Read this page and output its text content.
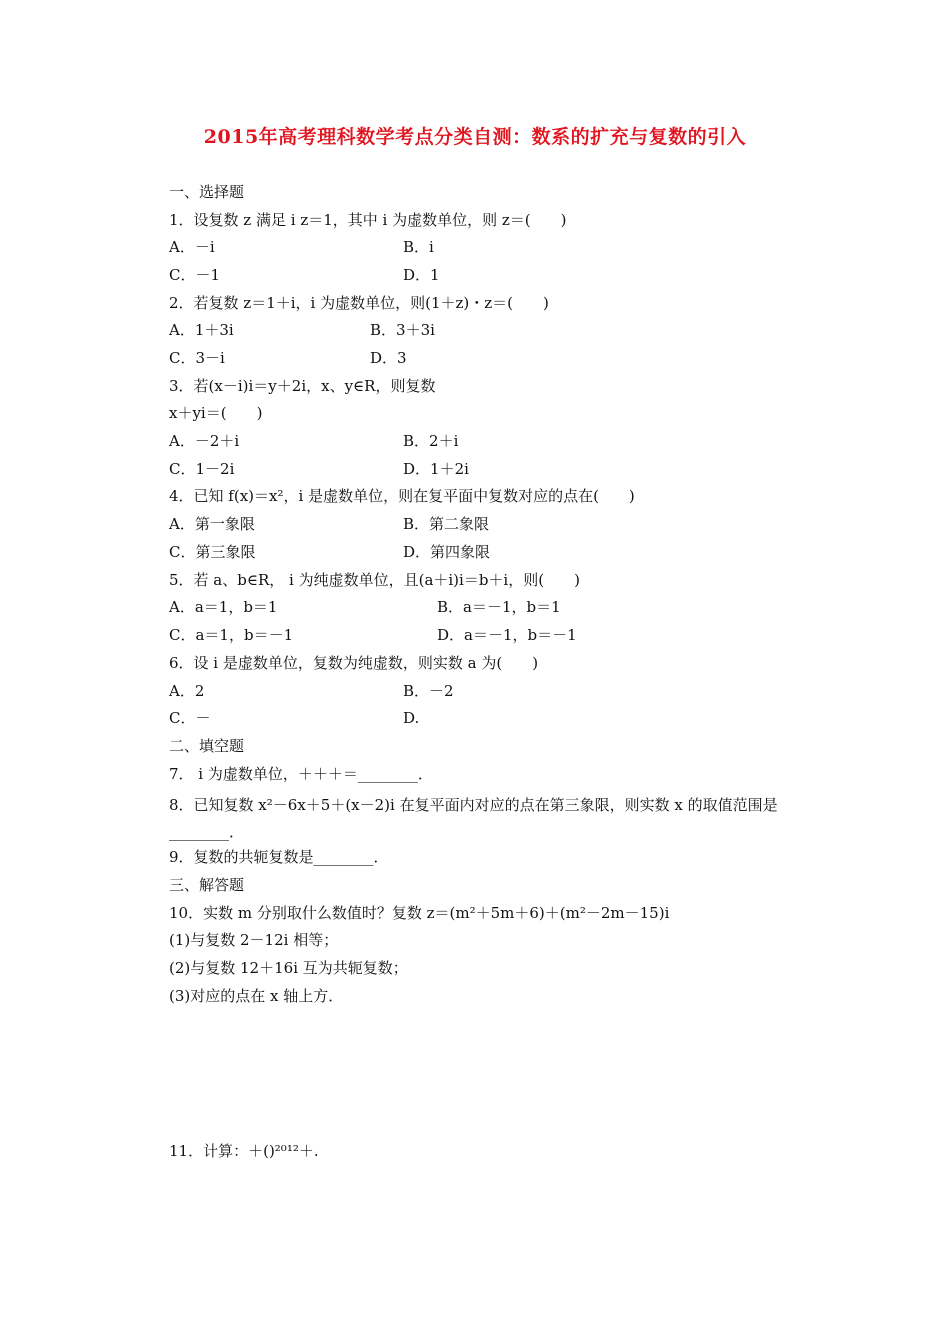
2015年高考理科数学考点分类自测：数系的扩充与复数的引入
一、选择题
1．设复数 z 满足 i z＝1，其中 i 为虚数单位，则 z＝(　　)
A．－i	B．i
C．－1	D．1
2．若复数 z＝1＋i，i 为虚数单位，则(1＋z)・z＝(　　)
A．1＋3i	B．3＋3i
C．3－i	D．3
3．若(x－i)i＝y＋2i，x、y∈R，则复数
x＋yi＝(　　)
A．－2＋i	B．2＋i
C．1－2i	D．1＋2i
4．已知 f(x)＝x²，i 是虚数单位，则在复平面中复数对应的点在(　　)
A．第一象限	B．第二象限
C．第三象限	D．第四象限
5．若 a、b∈R， i 为纯虚数单位，且(a＋i)i＝b＋i，则(　　)
A．a＝1，b＝1	B．a＝－1，b＝1
C．a＝1，b＝－1	D．a＝－1，b＝－1
6．设 i 是虚数单位，复数为纯虚数，则实数 a 为(　　)
A．2	B．－2
C．－	D.
二、填空题
7． i 为虚数单位，＋＋＋＝________．
8．已知复数 x²－6x＋5＋(x－2)i 在复平面内对应的点在第三象限，则实数 x 的取值范围是________．
9．复数的共轭复数是________．
三、解答题
10．实数 m 分别取什么数值时？复数 z＝(m²＋5m＋6)＋(m²－2m－15)i
(1)与复数 2－12i 相等；
(2)与复数 12＋16i 互为共轭复数；
(3)对应的点在 x 轴上方．
11．计算：＋()²⁰¹²＋.
